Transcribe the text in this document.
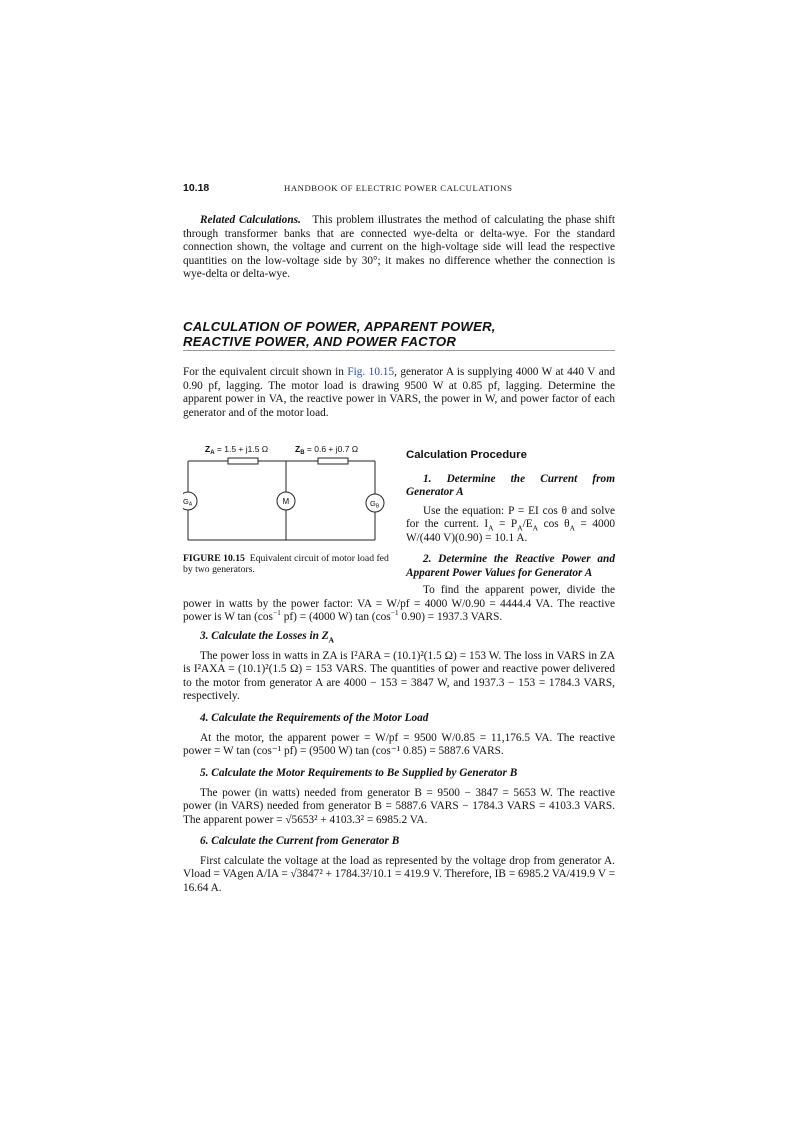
10.18	HANDBOOK OF ELECTRIC POWER CALCULATIONS

Related Calculations. This problem illustrates the method of calculating the phase shift through transformer banks that are connected wye-delta or delta-wye. For the standard connection shown, the voltage and current on the high-voltage side will lead the respective quantities on the low-voltage side by 30°; it makes no difference whether the connection is wye-delta or delta-wye.

CALCULATION OF POWER, APPARENT POWER,
REACTIVE POWER, AND POWER FACTOR

For the equivalent circuit shown in Fig. 10.15, generator A is supplying 4000 W at 440 V and 0.90 pf, lagging. The motor load is drawing 9500 W at 0.85 pf, lagging. Determine the apparent power in VA, the reactive power in VARS, the power in W, and power factor of each generator and of the motor load.

$Z_A = 1.5 + j1.5$ Ω	$Z_B = 0.6 + j0.7$ Ω
$G_A$	M	$G_B$
FIGURE 10.15 Equivalent circuit of motor load fed by two generators.

Calculation Procedure

1. Determine the Current from Generator A

Use the equation: P = EI cos θ and solve for the current. $I_A = P_A/E_A$ $\cos \theta_A = 4000$ W/(440 V)(0.90) = 10.1 A.

2. Determine the Reactive Power and Apparent Power Values for Generator A

To find the apparent power, divide the power in watts by the power factor: VA = W/pf = 4000 W/0.90 = 4444.4 VA. The reactive power is W $\tan (\cos^{-1}$ pf) = (4000 W) $\tan (\cos^{-1}$ 0.90) = 1937.3 VARS.

3. Calculate the Losses in $Z_A$

The power loss in watts in ZA is I²ARA = (10.1)²(1.5 Ω) = 153 W. The loss in VARS in ZA is I²AXA = (10.1)²(1.5 Ω) = 153 VARS. The quantities of power and reactive power delivered to the motor from generator A are 4000 − 153 = 3847 W, and 1937.3 − 153 = 1784.3 VARS, respectively.

4. Calculate the Requirements of the Motor Load

At the motor, the apparent power = W/pf = 9500 W/0.85 = 11,176.5 VA. The reactive power = W tan (cos⁻¹ pf) = (9500 W) tan (cos⁻¹ 0.85) = 5887.6 VARS.

5. Calculate the Motor Requirements to Be Supplied by Generator B

The power (in watts) needed from generator B = 9500 − 3847 = 5653 W. The reactive power (in VARS) needed from generator B = 5887.6 VARS − 1784.3 VARS = 4103.3 VARS. The apparent power = √5653² + 4103.3² = 6985.2 VA.

6. Calculate the Current from Generator B

First calculate the voltage at the load as represented by the voltage drop from generator A. Vload = VAgen A/IA = √3847² + 1784.3²/10.1 = 419.9 V. Therefore, IB = 6985.2 VA/419.9 V = 16.64 A.
